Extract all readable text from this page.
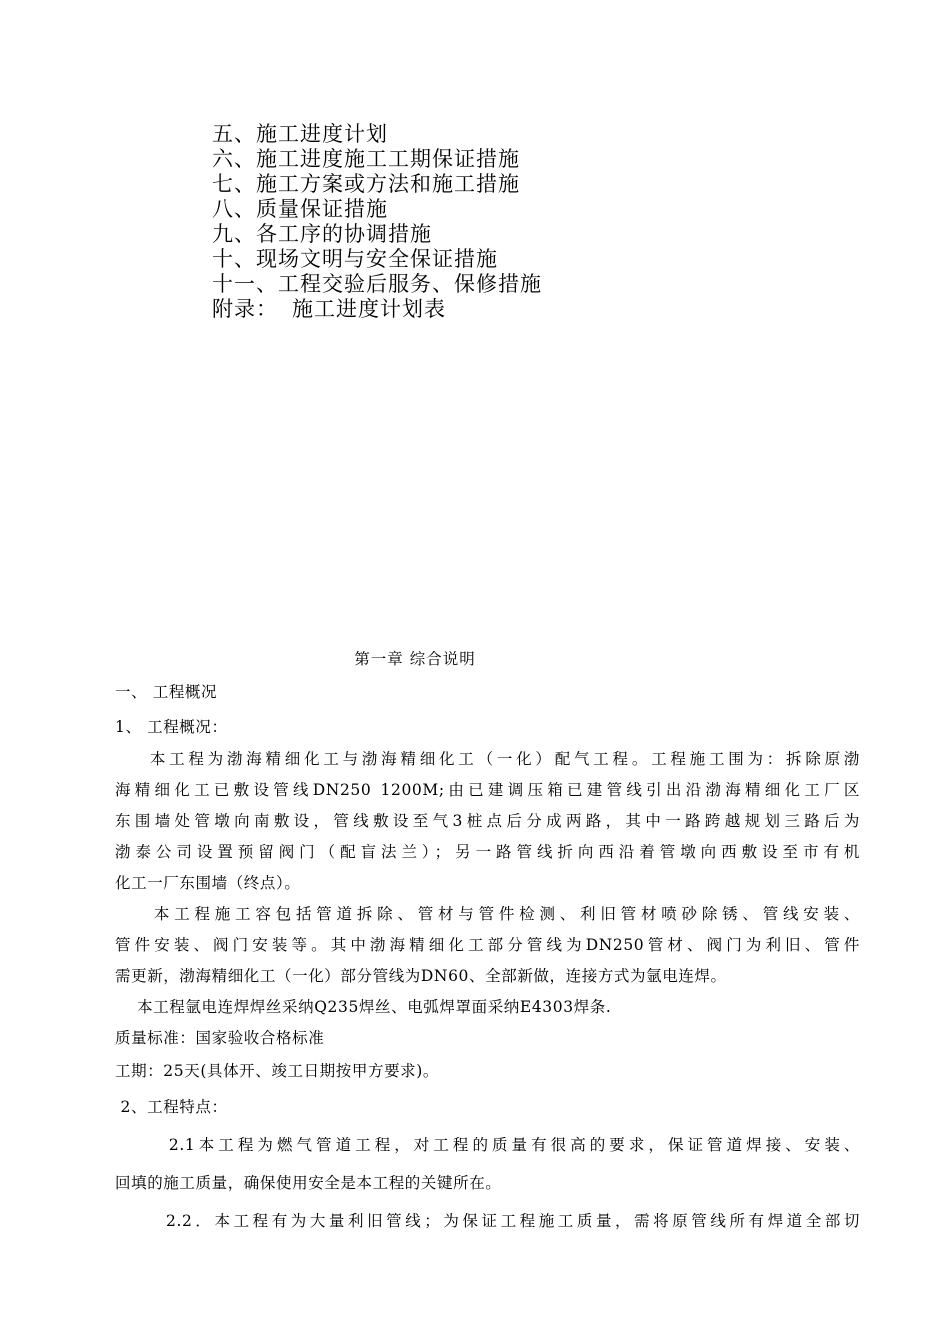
五、施工进度计划
六、施工进度施工工期保证措施
七、施工方案或方法和施工措施
八、质量保证措施
九、各工序的协调措施
十、现场文明与安全保证措施
十一、工程交验后服务、保修措施
附录： 施工进度计划表
第一章 综合说明
一、 工程概况
1、 工程概况：
本工程为渤海精细化工与渤海精细化工（一化）配气工程。工程施工围为：拆除原渤
海精细化工已敷设管线DN250 1200M;由已建调压箱已建管线引出沿渤海精细化工厂区
东围墙处管墩向南敷设，管线敷设至气3桩点后分成两路，其中一路跨越规划三路后为
渤泰公司设置预留阀门（配盲法兰）；另一路管线折向西沿着管墩向西敷设至市有机
化工一厂东围墙（终点）。
本工程施工容包括管道拆除、管材与管件检测、利旧管材喷砂除锈、管线安装、
管件安装、阀门安装等。其中渤海精细化工部分管线为DN250管材、阀门为利旧、管件
需更新，渤海精细化工（一化）部分管线为DN60、全部新做，连接方式为氩电连焊。
本工程氩电连焊焊丝采纳Q235焊丝、电弧焊罩面采纳E4303焊条.
质量标准：国家验收合格标准
工期：25天(具体开、竣工日期按甲方要求)。
2、工程特点：
2.1本工程为燃气管道工程，对工程的质量有很高的要求，保证管道焊接、安装、
回填的施工质量，确保使用安全是本工程的关键所在。
2.2．本工程有为大量利旧管线；为保证工程施工质量，需将原管线所有焊道全部切
